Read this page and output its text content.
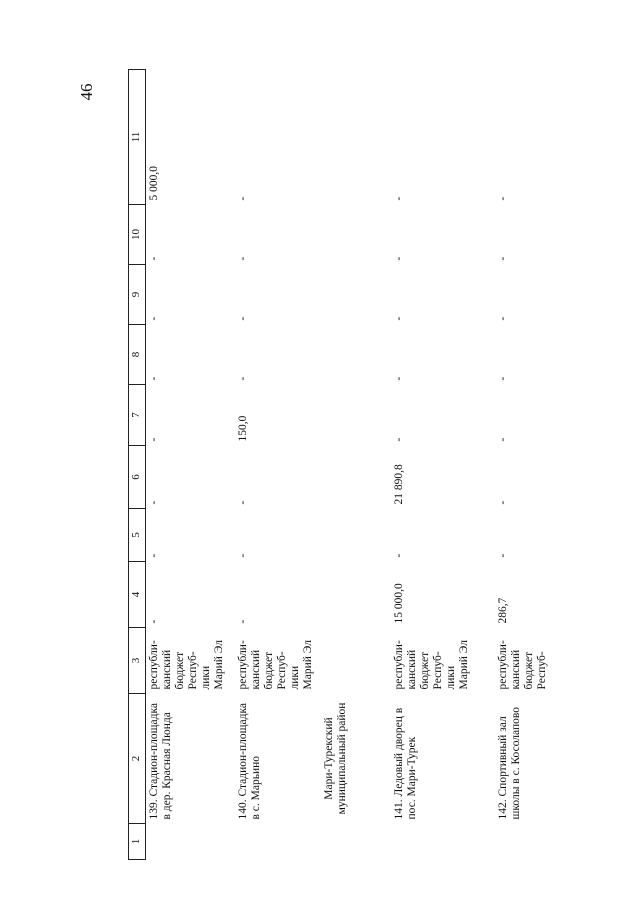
46
1	2	3	4	5	6	7	8	9	10	11
	139. Стадион-площадка в дер. Красная Люнда	республи-канский бюджет Респуб-лики Марий Эл	-	-	-	-	-	-	-	5 000,0
	140. Стадион-площадка в с. Марьино	республи-канский бюджет Респуб-лики Марий Эл	-	-	-	150,0	-	-	-	-

	Мари-Турекский муниципальный район									

	141. Ледовый дворец в пос. Мари-Турек	республи-канский бюджет Респуб-лики Марий Эл	15 000,0	-	21 890,8	-	-	-	-	-
	142. Спортивный зал школы в с. Косолапово	республи-канский бюджет Респуб-	286,7	-	-	-	-	-	-	-
